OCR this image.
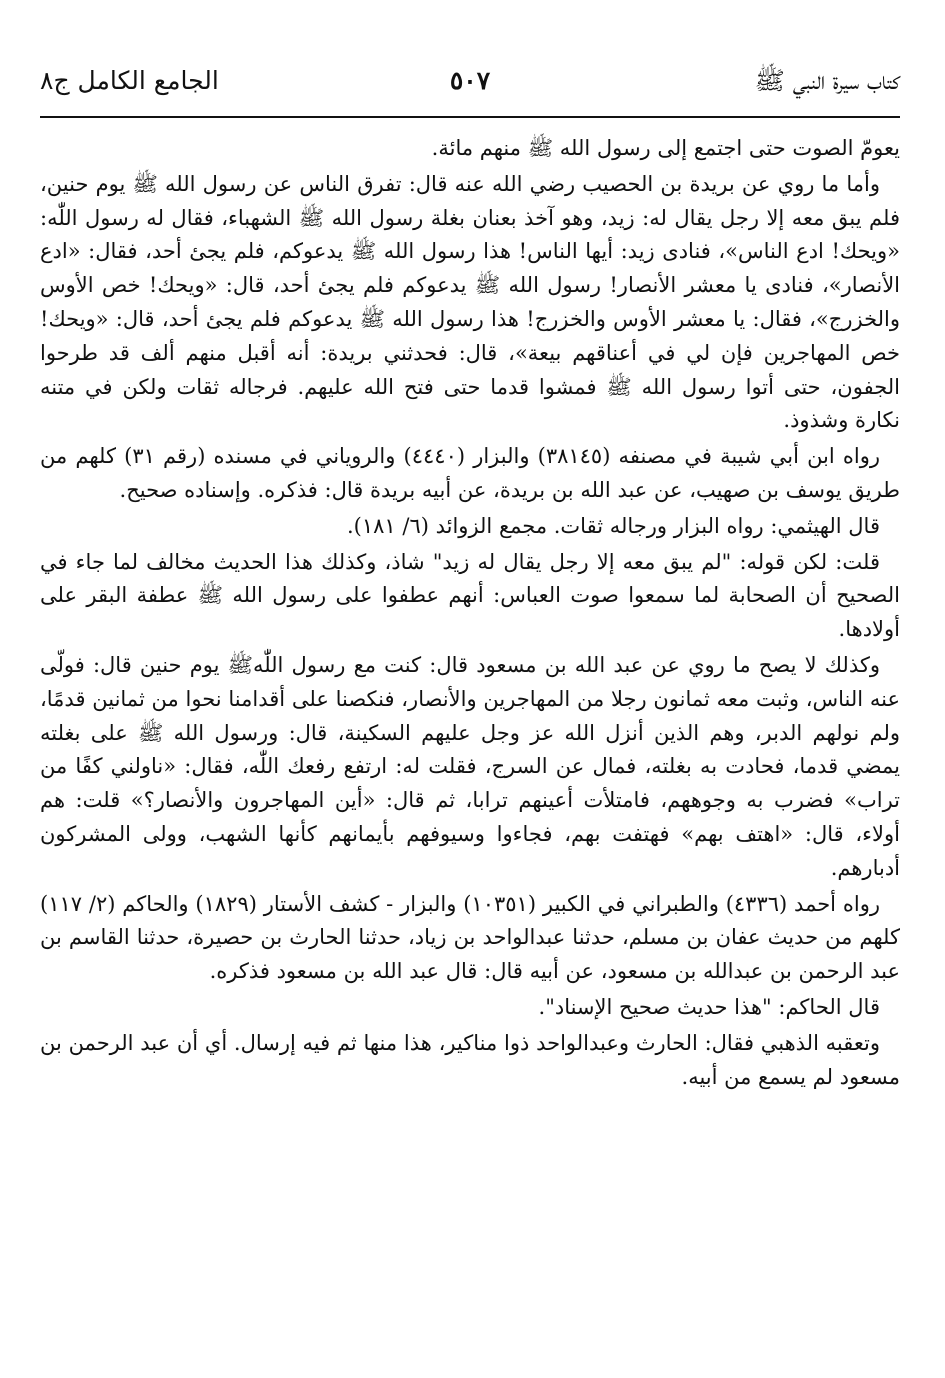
كتاب سيرة النبي ﷺ
٥٠٧
الجامع الكامل ج٨

يعومّ الصوت حتى اجتمع إلى رسول الله ﷺ منهم مائة.

وأما ما روي عن بريدة بن الحصيب رضي الله عنه قال: تفرق الناس عن رسول الله ﷺ يوم حنين، فلم يبق معه إلا رجل يقال له: زيد، وهو آخذ بعنان بغلة رسول الله ﷺ الشهباء، فقال له رسول اللّٰه: «ويحك! ادع الناس»، فنادى زيد: أيها الناس! هذا رسول الله ﷺ يدعوكم، فلم يجئ أحد، فقال: «ادع الأنصار»، فنادى يا معشر الأنصار! رسول الله ﷺ يدعوكم فلم يجئ أحد، قال: «ويحك! خص الأوس والخزرج»، فقال: يا معشر الأوس والخزرج! هذا رسول الله ﷺ يدعوكم فلم يجئ أحد، قال: «ويحك! خص المهاجرين فإن لي في أعناقهم بيعة»، قال: فحدثني بريدة: أنه أقبل منهم ألف قد طرحوا الجفون، حتى أتوا رسول الله ﷺ فمشوا قدما حتى فتح الله عليهم. فرجاله ثقات ولكن في متنه نكارة وشذوذ.

رواه ابن أبي شيبة في مصنفه (٣٨١٤٥) والبزار (٤٤٤٠) والروياني في مسنده (رقم ٣١) كلهم من طريق يوسف بن صهيب، عن عبد الله بن بريدة، عن أبيه بريدة قال: فذكره. وإسناده صحيح.

قال الهيثمي: رواه البزار ورجاله ثقات. مجمع الزوائد (٦/ ١٨١).

قلت: لكن قوله: "لم يبق معه إلا رجل يقال له زيد" شاذ، وكذلك هذا الحديث مخالف لما جاء في الصحيح أن الصحابة لما سمعوا صوت العباس: أنهم عطفوا على رسول الله ﷺ عطفة البقر على أولادها.

وكذلك لا يصح ما روي عن عبد الله بن مسعود قال: كنت مع رسول اللّٰهﷺ يوم حنين قال: فولّى عنه الناس، وثبت معه ثمانون رجلا من المهاجرين والأنصار، فنكصنا على أقدامنا نحوا من ثمانين قدمًا، ولم نولهم الدبر، وهم الذين أنزل الله عز وجل عليهم السكينة، قال: ورسول الله ﷺ على بغلته يمضي قدما، فحادت به بغلته، فمال عن السرج، فقلت له: ارتفع رفعك اللّٰه، فقال: «ناولني كفًا من تراب» فضرب به وجوههم، فامتلأت أعينهم ترابا، ثم قال: «أين المهاجرون والأنصار؟» قلت: هم أولاء، قال: «اهتف بهم» فهتفت بهم، فجاءوا وسيوفهم بأيمانهم كأنها الشهب، وولى المشركون أدبارهم.

رواه أحمد (٤٣٣٦) والطبراني في الكبير (١٠٣٥١) والبزار - كشف الأستار (١٨٢٩) والحاكم (٢/ ١١٧) كلهم من حديث عفان بن مسلم، حدثنا عبدالواحد بن زياد، حدثنا الحارث بن حصيرة، حدثنا القاسم بن عبد الرحمن بن عبدالله بن مسعود، عن أبيه قال: قال عبد الله بن مسعود فذكره.

قال الحاكم: "هذا حديث صحيح الإسناد".

وتعقبه الذهبي فقال: الحارث وعبدالواحد ذوا مناكير، هذا منها ثم فيه إرسال. أي أن عبد الرحمن بن مسعود لم يسمع من أبيه.
